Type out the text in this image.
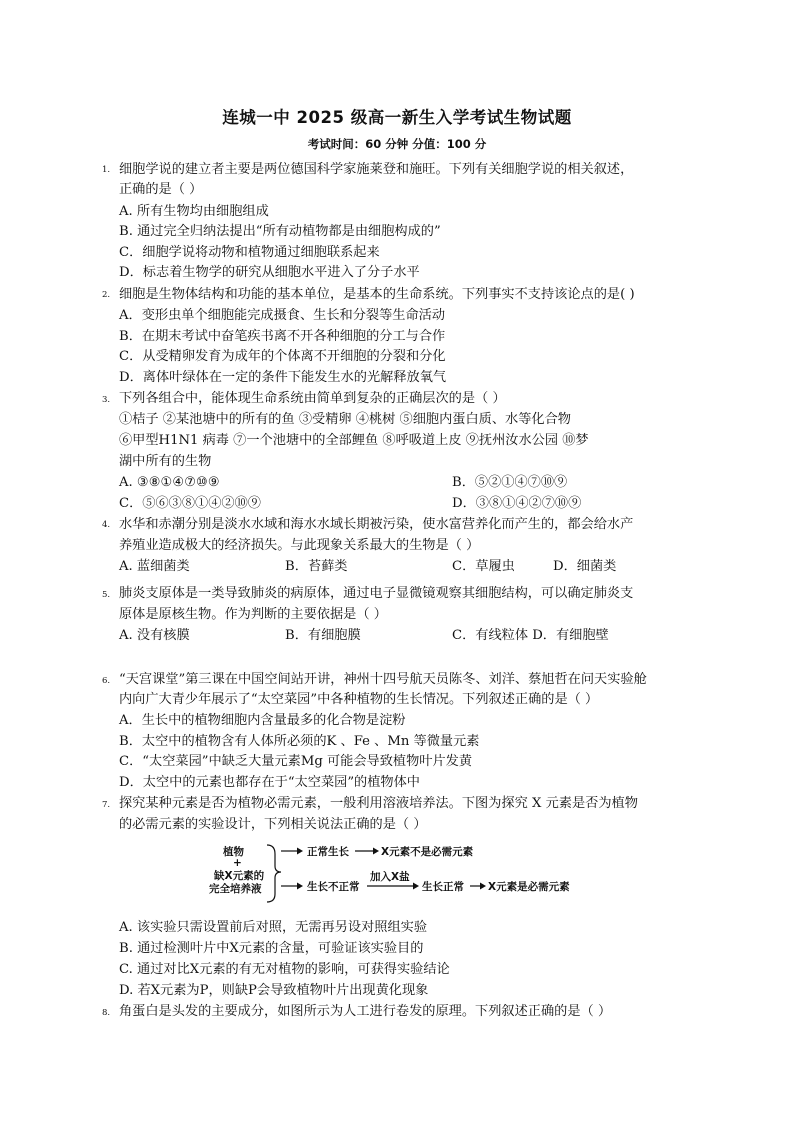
连城一中 2025 级高一新生入学考试生物试题
考试时间：60 分钟 分值：100 分
1. 细胞学说的建立者主要是两位德国科学家施莱登和施旺。下列有关细胞学说的相关叙述，
正确的是（ ）
A. 所有生物均由细胞组成
B. 通过完全归纳法提出“所有动植物都是由细胞构成的”
C．细胞学说将动物和植物通过细胞联系起来
D．标志着生物学的研究从细胞水平进入了分子水平
2. 细胞是生物体结构和功能的基本单位，是基本的生命系统。下列事实不支持该论点的是( )
A．变形虫单个细胞能完成摄食、生长和分裂等生命活动
B．在期末考试中奋笔疾书离不开各种细胞的分工与合作
C．从受精卵发育为成年的个体离不开细胞的分裂和分化
D．离体叶绿体在一定的条件下能发生水的光解释放氧气
3. 下列各组合中，能体现生命系统由简单到复杂的正确层次的是（ ）
①桔子 ②某池塘中的所有的鱼 ③受精卵 ④桃树 ⑤细胞内蛋白质、水等化合物
⑥甲型H1N1 病毒 ⑦一个池塘中的全部鲤鱼 ⑧呼吸道上皮 ⑨抚州汝水公园 ⑩梦
湖中所有的生物
A. ③⑧①④⑦⑩⑨	B．⑤②①④⑦⑩⑨
C．⑤⑥③⑧①④②⑩⑨	D．③⑧①④②⑦⑩⑨
4. 水华和赤潮分别是淡水水域和海水水域长期被污染，使水富营养化而产生的，都会给水产
养殖业造成极大的经济损失。与此现象关系最大的生物是（ ）
A. 蓝细菌类	B．苔藓类	C．草履虫	D．细菌类
5. 肺炎支原体是一类导致肺炎的病原体，通过电子显微镜观察其细胞结构，可以确定肺炎支
原体是原核生物。作为判断的主要依据是（ ）
A. 没有核膜	B．有细胞膜	C．有线粒体 D．有细胞壁
6. “天宫课堂”第三课在中国空间站开讲，神州十四号航天员陈冬、刘洋、蔡旭哲在问天实验舱
内向广大青少年展示了“太空菜园”中各种植物的生长情况。下列叙述正确的是（ ）
A．生长中的植物细胞内含量最多的化合物是淀粉
B．太空中的植物含有人体所必须的K 、Fe 、Mn 等微量元素
C．“太空菜园”中缺乏大量元素Mg 可能会导致植物叶片发黄
D．太空中的元素也都存在于“太空菜园”的植物体中
7. 探究某种元素是否为植物必需元素，一般利用溶液培养法。下图为探究 X 元素是否为植物
的必需元素的实验设计，下列相关说法正确的是（ ）
植物
+
缺X元素的
完全培养液
正常生长	X元素不是必需元素
生长不正常
加入X盐
生长正常 X元素是必需元素
A. 该实验只需设置前后对照，无需再另设对照组实验
B. 通过检测叶片中X元素的含量，可验证该实验目的
C. 通过对比X元素的有无对植物的影响，可获得实验结论
D. 若X元素为P，则缺P会导致植物叶片出现黄化现象
8. 角蛋白是头发的主要成分，如图所示为人工进行卷发的原理。下列叙述正确的是（ ）
